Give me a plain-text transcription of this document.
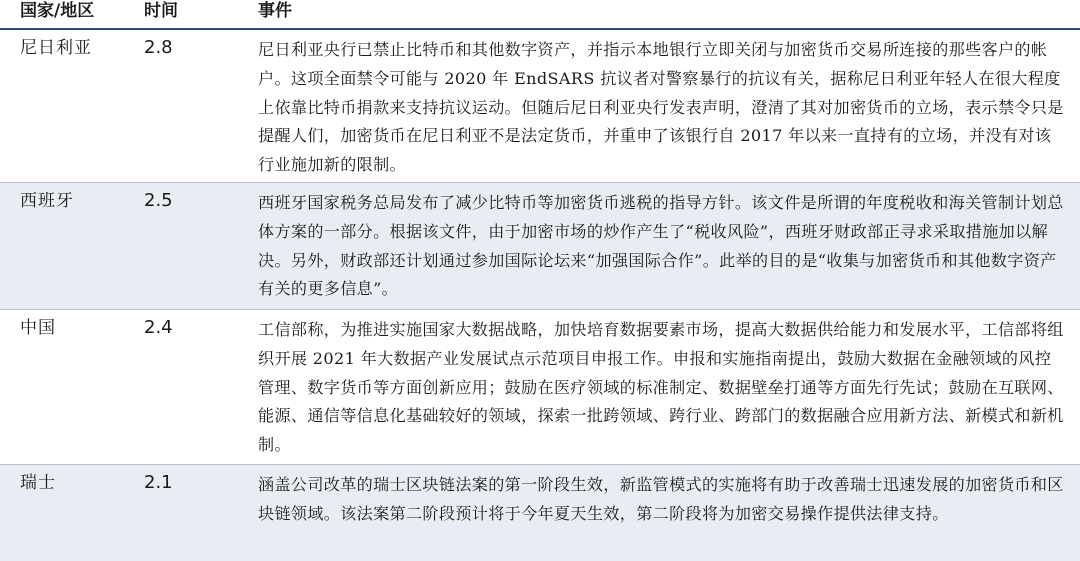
国家/地区	时间	事件
尼日利亚	2.8	尼日利亚央行已禁止比特币和其他数字资产，并指示本地银行立即关闭与加密货币交易所连接的那些客户的帐户。这项全面禁令可能与 2020 年 EndSARS 抗议者对警察暴行的抗议有关，据称尼日利亚年轻人在很大程度上依靠比特币捐款来支持抗议运动。但随后尼日利亚央行发表声明，澄清了其对加密货币的立场，表示禁令只是提醒人们，加密货币在尼日利亚不是法定货币，并重申了该银行自 2017 年以来一直持有的立场，并没有对该行业施加新的限制。
西班牙	2.5	西班牙国家税务总局发布了减少比特币等加密货币逃税的指导方针。该文件是所谓的年度税收和海关管制计划总体方案的一部分。根据该文件，由于加密市场的炒作产生了“税收风险”，西班牙财政部正寻求采取措施加以解决。另外，财政部还计划通过参加国际论坛来“加强国际合作”。此举的目的是“收集与加密货币和其他数字资产有关的更多信息”。
中国	2.4	工信部称，为推进实施国家大数据战略，加快培育数据要素市场，提高大数据供给能力和发展水平，工信部将组织开展 2021 年大数据产业发展试点示范项目申报工作。申报和实施指南提出，鼓励大数据在金融领域的风控管理、数字货币等方面创新应用；鼓励在医疗领域的标准制定、数据壁垒打通等方面先行先试；鼓励在互联网、能源、通信等信息化基础较好的领域，探索一批跨领域、跨行业、跨部门的数据融合应用新方法、新模式和新机制。
瑞士	2.1	涵盖公司改革的瑞士区块链法案的第一阶段生效，新监管模式的实施将有助于改善瑞士迅速发展的加密货币和区块链领域。该法案第二阶段预计将于今年夏天生效，第二阶段将为加密交易操作提供法律支持。
